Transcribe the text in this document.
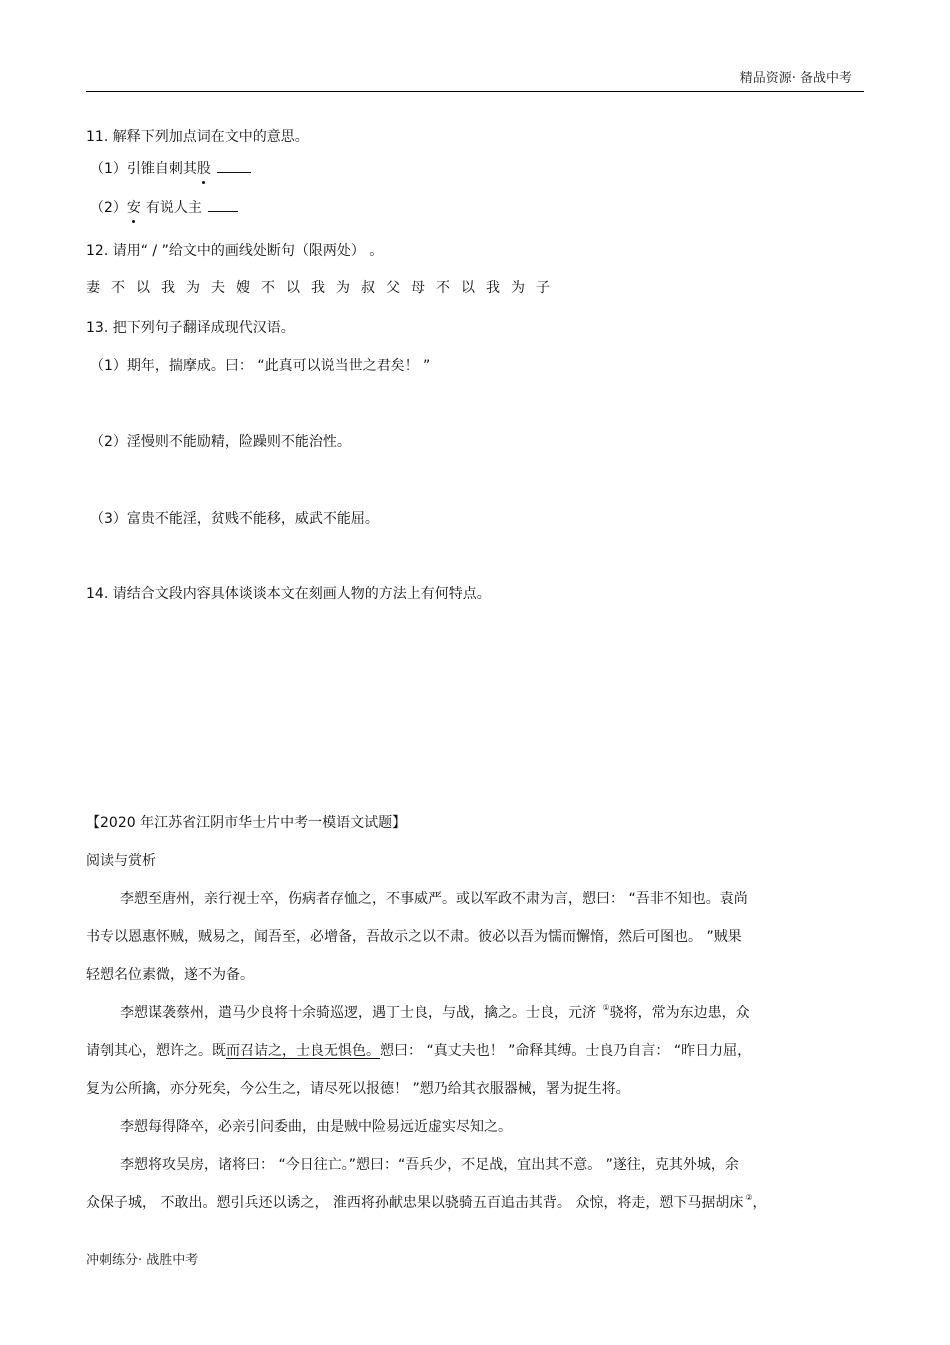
精品资源· 备战中考
11. 解释下列加点词在文中的意思。
（1）引锥自刺其股
（2）安 有说人主
12. 请用“ / ”给文中的画线处断句（限两处） 。
妻不以我为夫嫂不以我为叔父母不以我为子
13. 把下列句子翻译成现代汉语。
（1）期年，揣摩成。曰： “此真可以说当世之君矣！ ”
（2）淫慢则不能励精，险躁则不能治性。
（3）富贵不能淫，贫贱不能移，威武不能屈。
14. 请结合文段内容具体谈谈本文在刻画人物的方法上有何特点。
【2020 年江苏省江阴市华士片中考一模语文试题】
阅读与赏析
李愬至唐州，亲行视士卒，伤病者存恤之，不事威严。或以军政不肃为言，愬曰： “吾非不知也。袁尚
书专以恩惠怀贼，贼易之，闻吾至，必增备，吾故示之以不肃。彼必以吾为懦而懈惰，然后可图也。 ”贼果
轻愬名位素微，遂不为备。
李愬谋袭蔡州，遣马少良将十余骑巡逻，遇丁士良，与战，擒之。士良，元济 ①骁将，常为东边患，众
请刳其心，愬许之。既而召诘之，士良无惧色。愬曰： “真丈夫也！ ”命释其缚。士良乃自言： “昨日力屈，
复为公所擒，亦分死矣，今公生之，请尽死以报德！ ”愬乃给其衣服器械，署为捉生将。
李愬每得降卒，必亲引问委曲，由是贼中险易远近虚实尽知之。
李愬将攻吴房，诸将曰： “今日往亡。”愬曰：“吾兵少，不足战，宜出其不意。 ”遂往，克其外城，余
众保子城， 不敢出。愬引兵还以诱之， 淮西将孙献忠果以骁骑五百追击其背。 众惊，将走，愬下马据胡床 ②，
冲刺练分· 战胜中考
